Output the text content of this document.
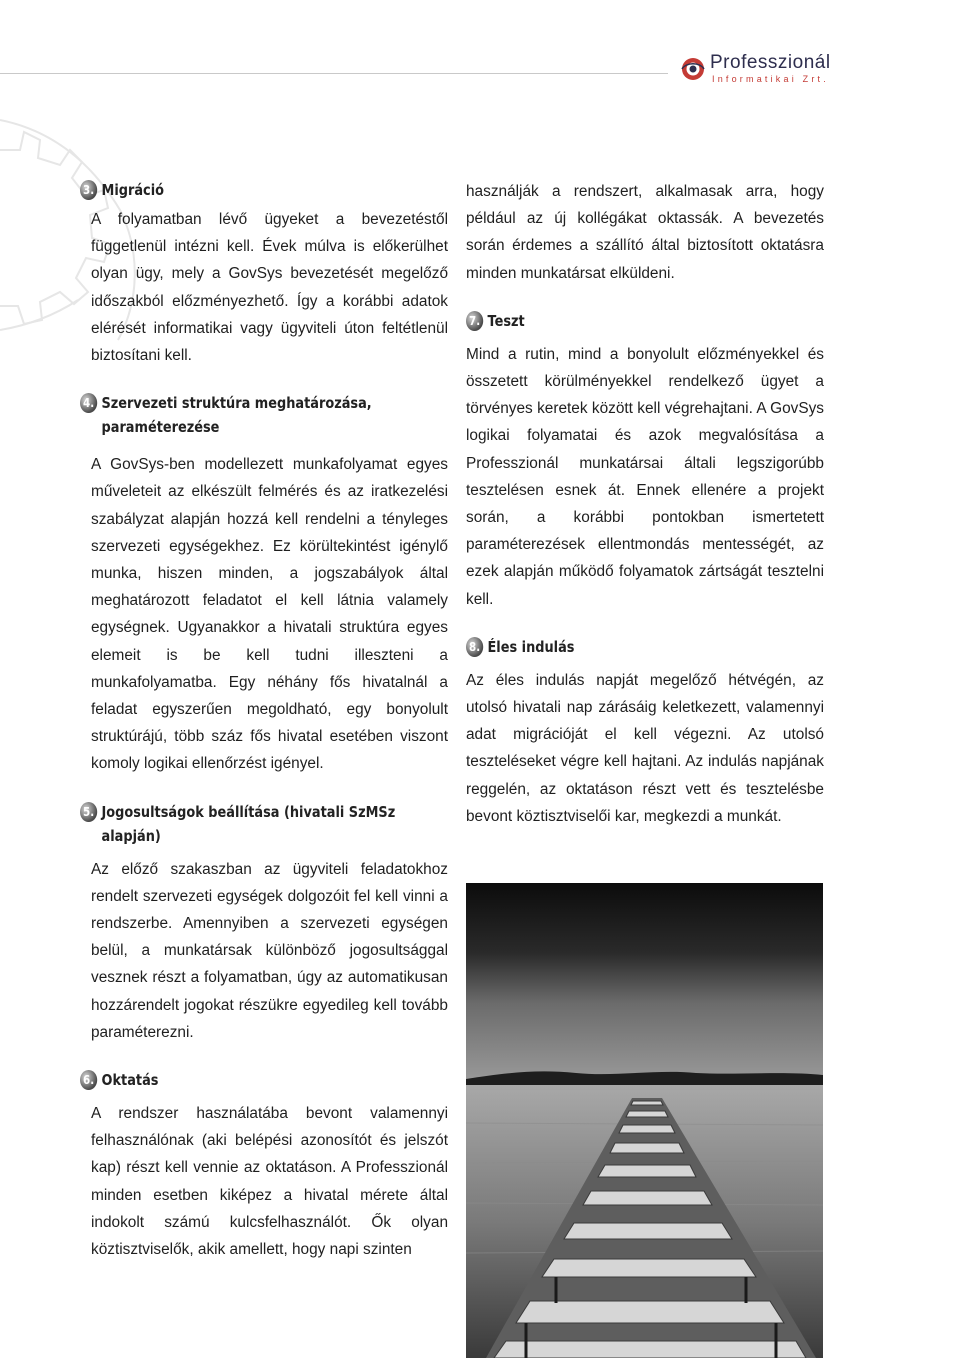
Professzionál
Informatikai Zrt.
3. Migráció

A folyamatban lévő ügyeket a bevezetéstől függetlenül intézni kell. Évek múlva is előkerülhet olyan ügy, mely a GovSys bevezetését megelőző időszakból előzményezhető. Így a korábbi adatok elérését informatikai vagy ügyviteli úton feltétlenül biztosítani kell.

4. Szervezeti struktúra meghatározása, paraméterezése

A GovSys-ben modellezett munkafolyamat egyes műveleteit az elkészült felmérés és az iratkezelési szabályzat alapján hozzá kell rendelni a tényleges szervezeti egységekhez. Ez körültekintést igénylő munka, hiszen minden, a jogszabályok által meghatározott feladatot el kell látnia valamely egységnek. Ugyanakkor a hivatali struktúra egyes elemeit is be kell tudni illeszteni a munkafolyamatba. Egy néhány fős hivatalnál a feladat egyszerűen megoldható, egy bonyolult struktúrájú, több száz fős hivatal esetében viszont komoly logikai ellenőrzést igényel.

5. Jogosultságok beállítása (hivatali SzMSz alapján)

Az előző szakaszban az ügyviteli feladatokhoz rendelt szervezeti egységek dolgozóit fel kell vinni a rendszerbe. Amennyiben a szervezeti egységen belül, a munkatársak különböző jogosultsággal vesznek részt a folyamatban, úgy az automatikusan hozzárendelt jogokat részükre egyedileg kell tovább paraméterezni.

6. Oktatás

A rendszer használatába bevont valamennyi felhasználónak (aki belépési azonosítót és jelszót kap) részt kell vennie az oktatáson. A Professzionál minden esetben kiképez a hivatal mérete által indokolt számú kulcsfelhasználót. Ők olyan köztisztviselők, akik amellett, hogy napi szinten

használják a rendszert, alkalmasak arra, hogy például az új kollégákat oktassák. A bevezetés során érdemes a szállító által biztosított oktatásra minden munkatársat elküldeni.

7. Teszt

Mind a rutin, mind a bonyolult előzményekkel és összetett körülményekkel rendelkező ügyet a törvényes keretek között kell végrehajtani. A GovSys logikai folyamatai és azok megvalósítása a Professzionál munkatársai általi legszigorúbb tesztelésen esnek át. Ennek ellenére a projekt során, a korábbi pontokban ismertetett paraméterezések ellentmondás mentességét, az ezek alapján működő folyamatok zártságát tesztelni kell.

8. Éles indulás

Az éles indulás napját megelőző hétvégén, az utolsó hivatali nap zárásáig keletkezett, valamennyi adat migrációját el kell végezni. Az utolsó teszteléseket végre kell hajtani. Az indulás napjának reggelén, az oktatáson részt vett és tesztelésbe bevont köztisztviselői kar, megkezdi a munkát.
